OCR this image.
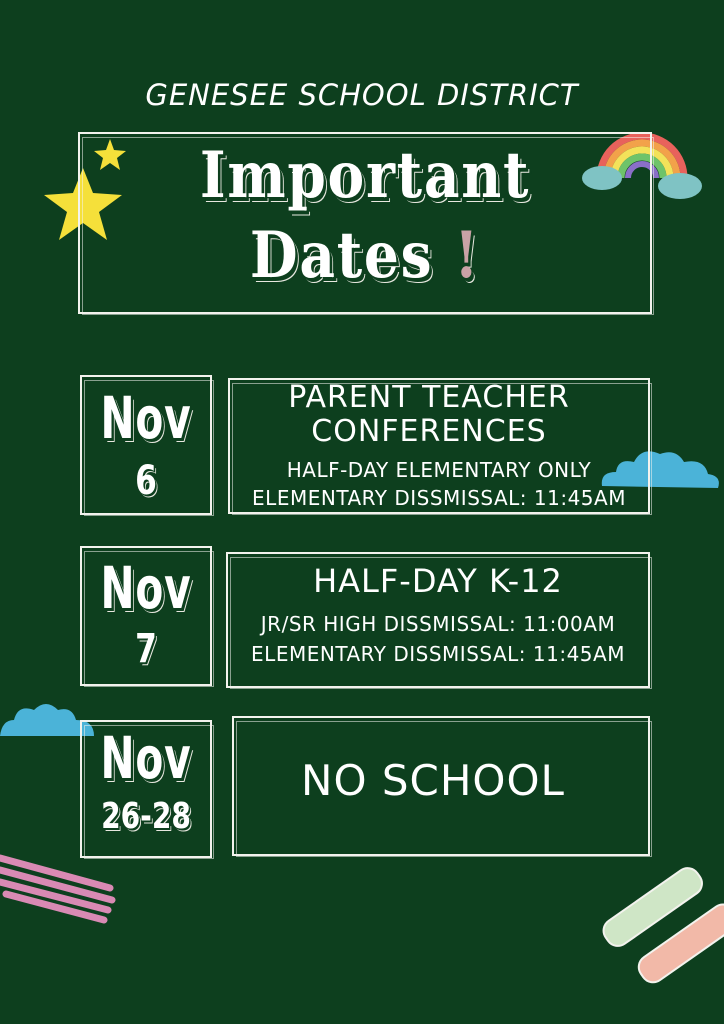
GENESEE SCHOOL DISTRICT
Important
Dates !
Nov
6
PARENT TEACHER
CONFERENCES
HALF-DAY ELEMENTARY ONLY
ELEMENTARY DISSMISSAL: 11:45AM
Nov
7
HALF-DAY K-12
JR/SR HIGH DISSMISSAL: 11:00AM
ELEMENTARY DISSMISSAL: 11:45AM
Nov
26-28
NO SCHOOL
